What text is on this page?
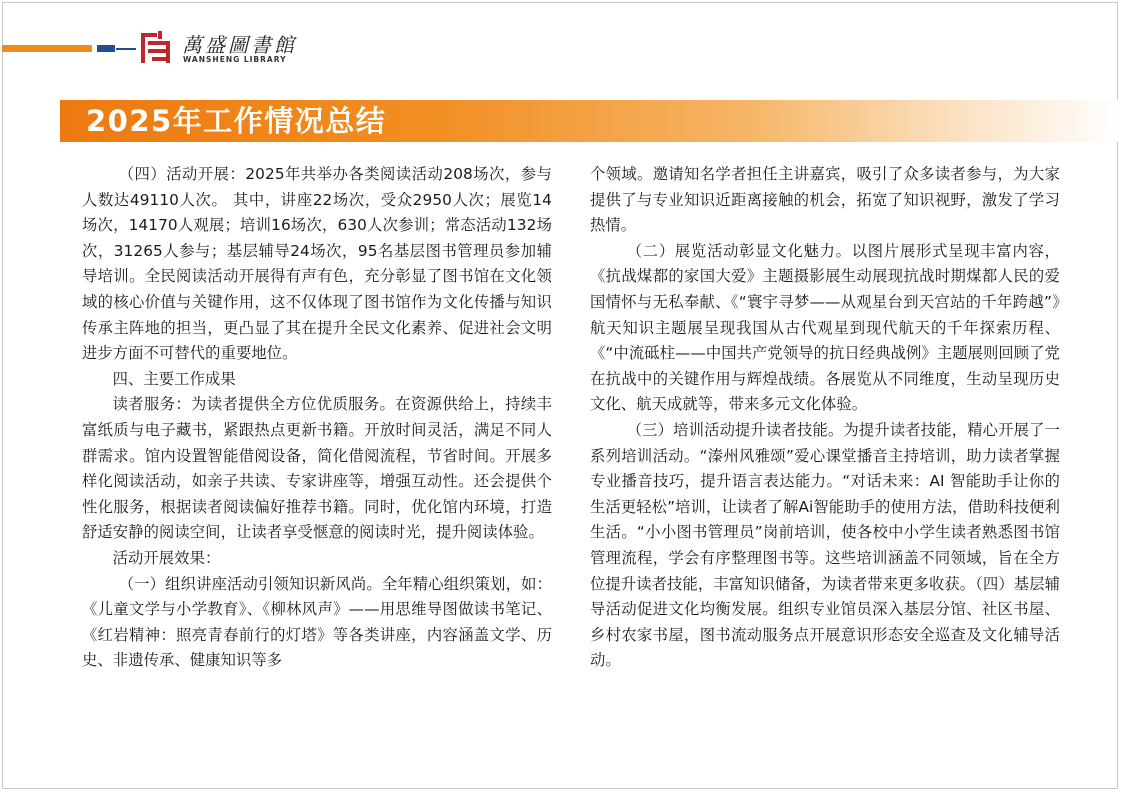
萬盛圖書館
WANSHENG LIBRARY
2025年工作情况总结

（四）活动开展：2025年共举办各类阅读活动208场次，参与人数达49110人次。 其中，讲座22场次，受众2950人次；展览14场次，14170人观展；培训16场次，630人次参训；常态活动132场次，31265人参与；基层辅导24场次，95名基层图书管理员参加辅导培训。全民阅读活动开展得有声有色，充分彰显了图书馆在文化领域的核心价值与关键作用，这不仅体现了图书馆作为文化传播与知识传承主阵地的担当，更凸显了其在提升全民文化素养、促进社会文明进步方面不可替代的重要地位。

四、主要工作成果

读者服务：为读者提供全方位优质服务。在资源供给上，持续丰富纸质与电子藏书，紧跟热点更新书籍。开放时间灵活，满足不同人群需求。馆内设置智能借阅设备，简化借阅流程，节省时间。开展多样化阅读活动，如亲子共读、专家讲座等，增强互动性。还会提供个性化服务，根据读者阅读偏好推荐书籍。同时，优化馆内环境，打造舒适安静的阅读空间，让读者享受惬意的阅读时光，提升阅读体验。

活动开展效果：

（一）组织讲座活动引领知识新风尚。全年精心组织策划，如：《儿童文学与小学教育》、《柳林风声》——用思维导图做读书笔记、《红岩精神：照亮青春前行的灯塔》等各类讲座，内容涵盖文学、历史、非遗传承、健康知识等多

个领域。邀请知名学者担任主讲嘉宾，吸引了众多读者参与，为大家提供了与专业知识近距离接触的机会，拓宽了知识视野，激发了学习热情。

（二）展览活动彰显文化魅力。以图片展形式呈现丰富内容，《抗战煤都的家国大爱》主题摄影展生动展现抗战时期煤都人民的爱国情怀与无私奉献、《“寰宇寻梦——从观星台到天宫站的千年跨越”》航天知识主题展呈现我国从古代观星到现代航天的千年探索历程、《“中流砥柱——中国共产党领导的抗日经典战例》主题展则回顾了党在抗战中的关键作用与辉煌战绩。各展览从不同维度，生动呈现历史文化、航天成就等，带来多元文化体验。

（三）培训活动提升读者技能。为提升读者技能，精心开展了一系列培训活动。“溱州风雅颂”爱心课堂播音主持培训，助力读者掌握专业播音技巧，提升语言表达能力。“对话未来：AI 智能助手让你的生活更轻松”培训，让读者了解Ai智能助手的使用方法，借助科技便利生活。“小小图书管理员”岗前培训，使各校中小学生读者熟悉图书馆管理流程，学会有序整理图书等。这些培训涵盖不同领域，旨在全方位提升读者技能，丰富知识储备，为读者带来更多收获。（四）基层辅导活动促进文化均衡发展。组织专业馆员深入基层分馆、社区书屋、乡村农家书屋，图书流动服务点开展意识形态安全巡查及文化辅导活动。
